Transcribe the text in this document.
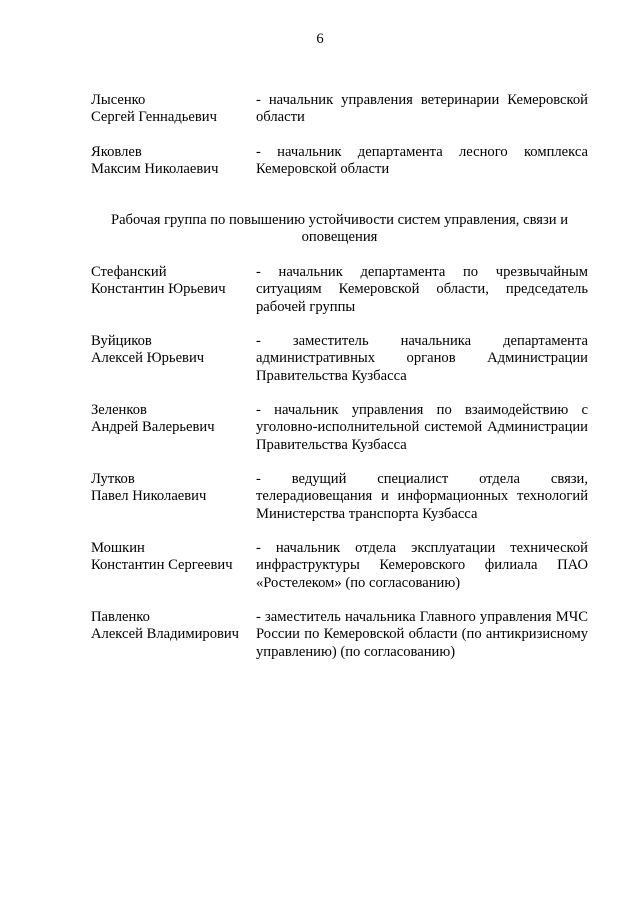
6
Лысенко
Сергей Геннадьевич
- начальник управления ветеринарии Кемеровской области
Яковлев
Максим Николаевич
- начальник департамента лесного комплекса Кемеровской области
Рабочая группа по повышению устойчивости систем управления, связи и оповещения
Стефанский
Константин Юрьевич
- начальник департамента по чрезвычайным ситуациям Кемеровской области, председатель рабочей группы
Вуйциков
Алексей Юрьевич
- заместитель начальника департамента административных органов Администрации Правительства Кузбасса
Зеленков
Андрей Валерьевич
- начальник управления по взаимодействию с уголовно-исполнительной системой Администрации Правительства Кузбасса
Лутков
Павел Николаевич
- ведущий специалист отдела связи, телерадиовещания и информационных технологий Министерства транспорта Кузбасса
Мошкин
Константин Сергеевич
- начальник отдела эксплуатации технической инфраструктуры Кемеровского филиала ПАО «Ростелеком» (по согласованию)
Павленко
Алексей Владимирович
- заместитель начальника Главного управления МЧС России по Кемеровской области (по антикризисному управлению) (по согласованию)
